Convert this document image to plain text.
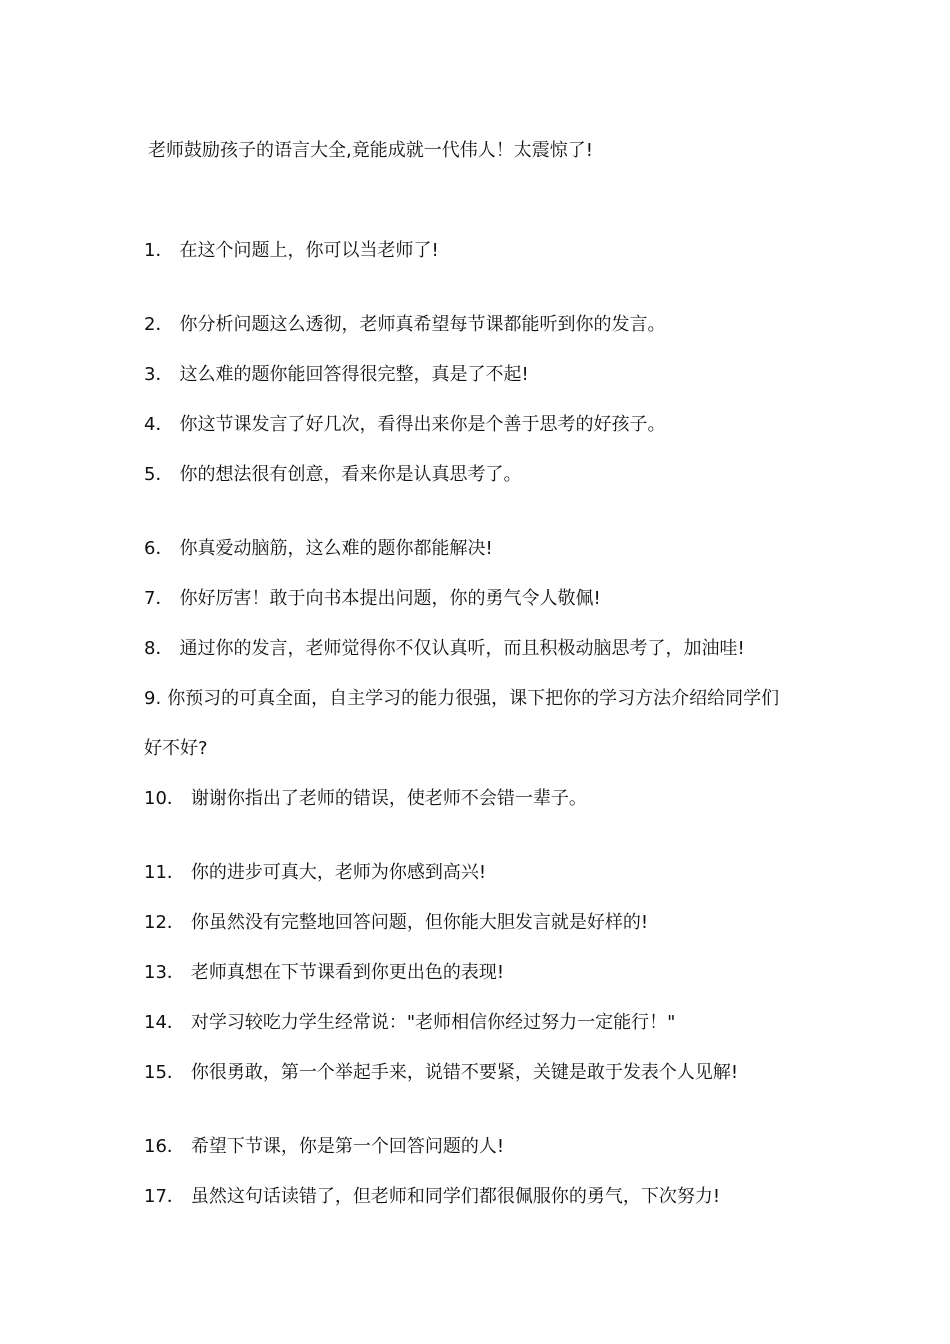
老师鼓励孩子的语言大全,竟能成就一代伟人！太震惊了!
1． 在这个问题上，你可以当老师了!
2． 你分析问题这么透彻，老师真希望每节课都能听到你的发言。
3． 这么难的题你能回答得很完整，真是了不起!
4． 你这节课发言了好几次，看得出来你是个善于思考的好孩子。
5． 你的想法很有创意，看来你是认真思考了。
6． 你真爱动脑筋，这么难的题你都能解决!
7． 你好厉害！敢于向书本提出问题，你的勇气令人敬佩!
8． 通过你的发言，老师觉得你不仅认真听，而且积极动脑思考了，加油哇!
9. 你预习的可真全面，自主学习的能力很强，课下把你的学习方法介绍给同学们
好不好?
10． 谢谢你指出了老师的错误，使老师不会错一辈子。
11． 你的进步可真大，老师为你感到高兴!
12． 你虽然没有完整地回答问题，但你能大胆发言就是好样的!
13． 老师真想在下节课看到你更出色的表现!
14． 对学习较吃力学生经常说："老师相信你经过努力一定能行！"
15． 你很勇敢，第一个举起手来，说错不要紧，关键是敢于发表个人见解!
16． 希望下节课，你是第一个回答问题的人!
17． 虽然这句话读错了，但老师和同学们都很佩服你的勇气，下次努力!
